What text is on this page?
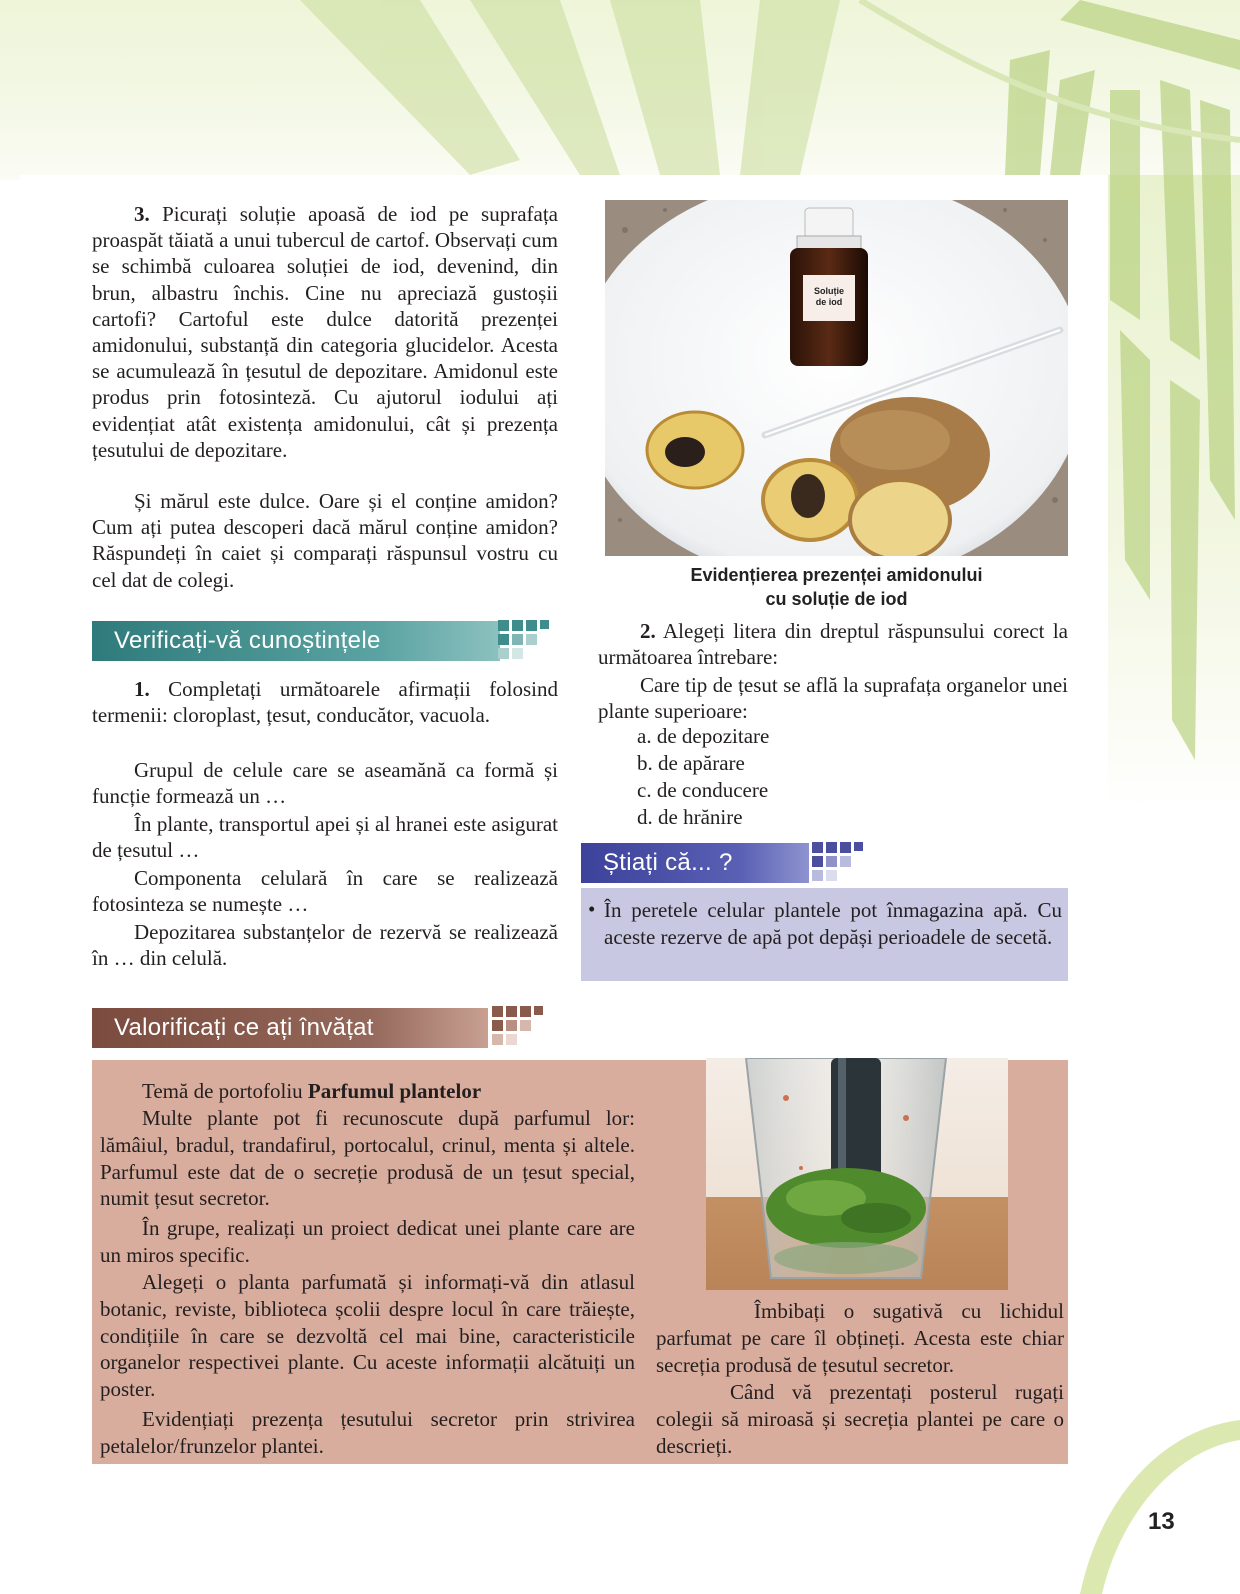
3. Picurați soluție apoasă de iod pe suprafața proaspăt tăiată a unui tubercul de cartof. Observați cum se schimbă culoarea soluției de iod, devenind, din brun, albastru închis. Cine nu apreciază gustoșii cartofi? Cartoful este dulce datorită prezenței amidonului, substanță din categoria glucidelor. Acesta se acumulează în țesutul de depozitare. Amidonul este produs prin fotosinteză. Cu ajutorul iodului ați evidențiat atât existența amidonului, cât și prezența țesutului de depozitare.

Și mărul este dulce. Oare și el conține amidon? Cum ați putea descoperi dacă mărul conține amidon? Răspundeți în caiet și comparați răspunsul vostru cu cel dat de colegi.

Soluție
de iod
Evidențierea prezenței amidonului
cu soluție de iod
Verificați-vă cunoștințele

1. Completați următoarele afirmații folosind termenii: cloroplast, țesut, conducător, vacuola.

Grupul de celule care se aseamănă ca formă și funcție formează un …

În plante, transportul apei și al hranei este asigurat de țesutul …

Componenta celulară în care se realizează fotosinteza se numește …

Depozitarea substanțelor de rezervă se realizează în … din celulă.

2. Alegeți litera din dreptul răspunsului corect la următoarea întrebare:

Care tip de țesut se află la suprafața organelor unei plante superioare:

a. de depozitare
b. de apărare
c. de conducere
d. de hrănire
Știați că... ?
• În peretele celular plantele pot înmagazina apă. Cu aceste rezerve de apă pot depăși perioadele de secetă.

Valorificați ce ați învățat

Temă de portofoliu Parfumul plantelor

Multe plante pot fi recunoscute după parfumul lor: lămâiul, bradul, trandafirul, portocalul, crinul, menta și altele. Parfumul este dat de o secreție produsă de un țesut special, numit țesut secretor.

În grupe, realizați un proiect dedicat unei plante care are un miros specific.

Alegeți o planta parfumată și informați-vă din atlasul botanic, reviste, biblioteca școlii despre locul în care trăiește, condițiile în care se dezvoltă cel mai bine, caracteristicile organelor respectivei plante. Cu aceste informații alcătuiți un poster.

Evidențiați prezența țesutului secretor prin strivirea petalelor/frunzelor plantei.

Îmbibați o sugativă cu lichidul parfumat pe care îl obțineți. Acesta este chiar secreția produsă de țesutul secretor.

Când vă prezentați posterul rugați colegii să miroasă și secreția plantei pe care o descrieți.

13
